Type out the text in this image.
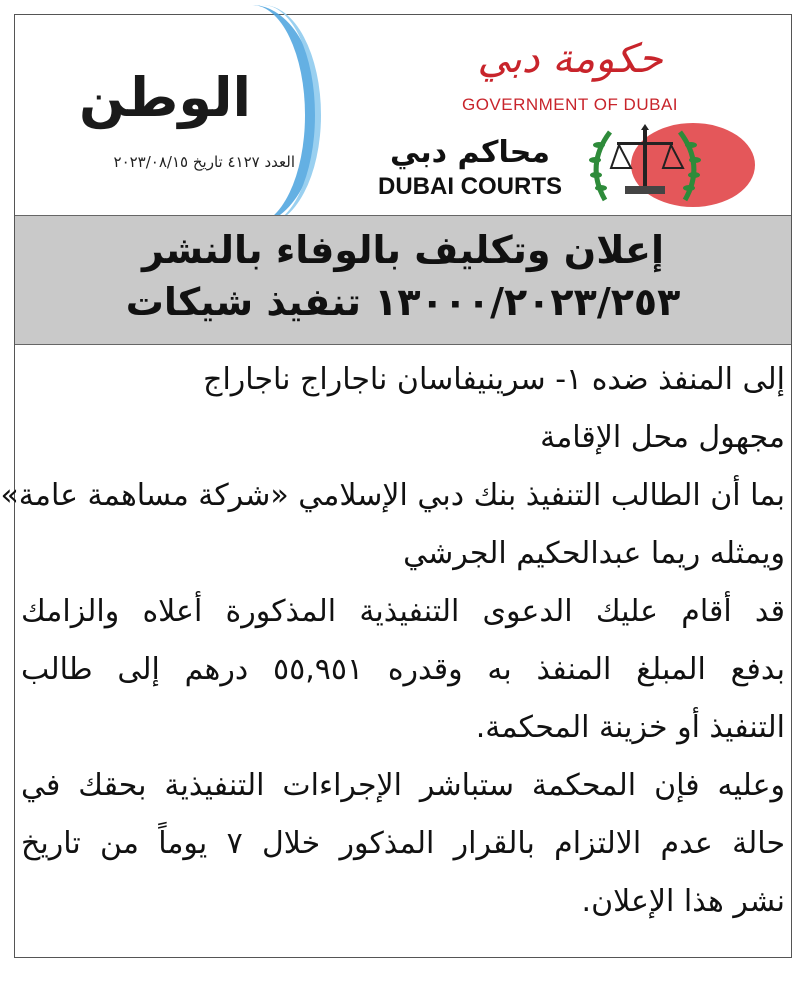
الوطن
العدد ٤١٢٧ تاريخ ٢٠٢٣/٠٨/١٥
حكومة دبي
GOVERNMENT OF DUBAI
محاكم دبي
DUBAI COURTS
إعلان وتكليف بالوفاء بالنشر
١٣٠٠٠/٢٠٢٣/٢٥٣ تنفيذ شيكات
إلى المنفذ ضده ١- سرينيفاسان ناجاراج ناجاراج
مجهول محل الإقامة
بما أن الطالب التنفيذ بنك دبي الإسلامي «شركة مساهمة عامة»
ويمثله ريما عبدالحكيم الجرشي
قد أقام عليك الدعوى التنفيذية المذكورة أعلاه والزامك
بدفع المبلغ المنفذ به وقدره ٥٥,٩٥١ درهم إلى طالب
التنفيذ أو خزينة المحكمة.
وعليه فإن المحكمة ستباشر الإجراءات التنفيذية بحقك في
حالة عدم الالتزام بالقرار المذكور خلال ٧ يوماً من تاريخ
نشر هذا الإعلان.
